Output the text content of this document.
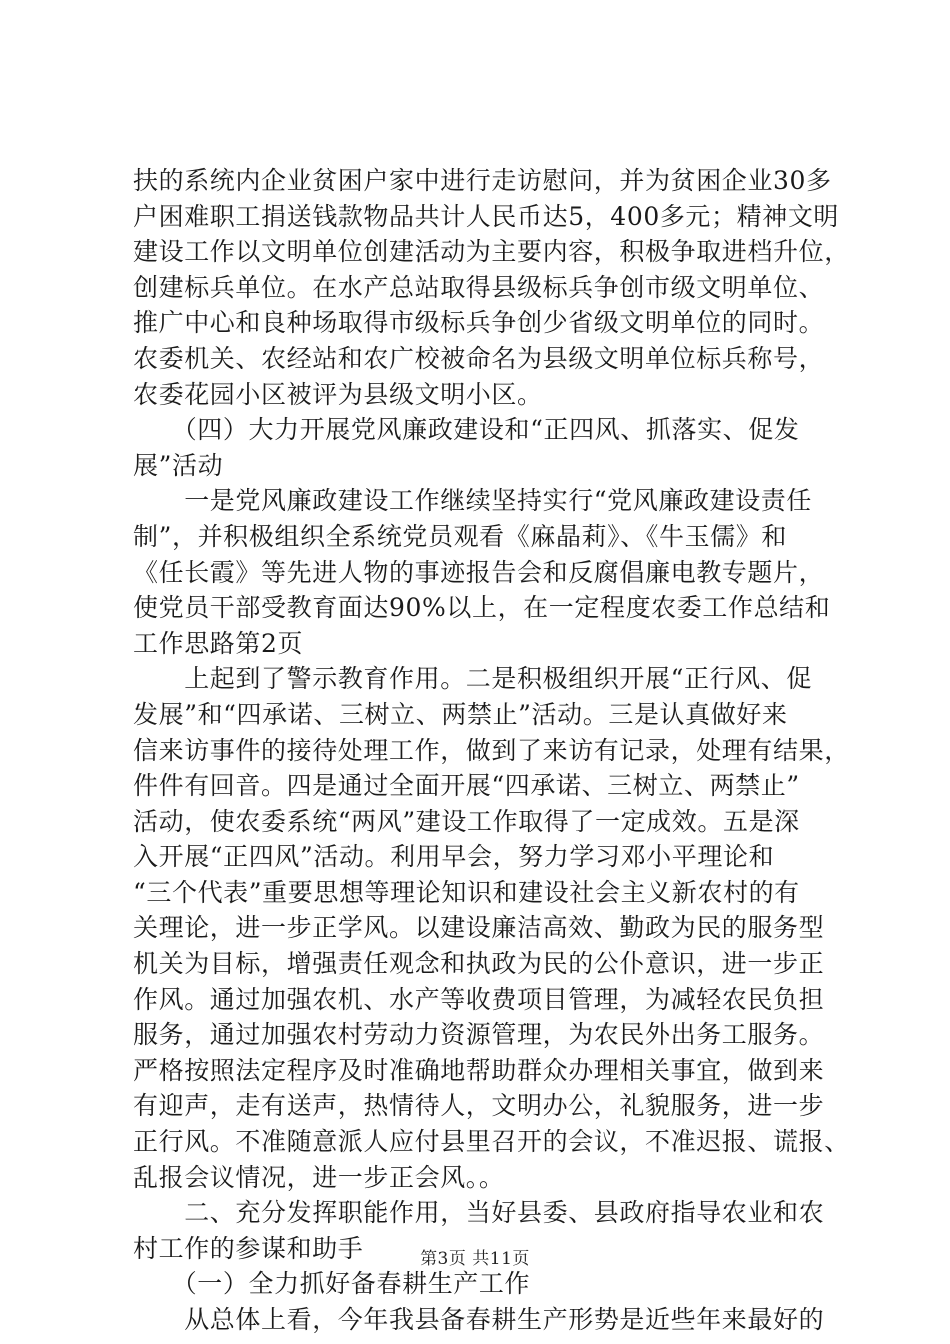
扶的系统内企业贫困户家中进行走访慰问，并为贫困企业30多
户困难职工捐送钱款物品共计人民币达5，400多元；精神文明
建设工作以文明单位创建活动为主要内容，积极争取进档升位，
创建标兵单位。在水产总站取得县级标兵争创市级文明单位、
推广中心和良种场取得市级标兵争创少省级文明单位的同时。
农委机关、农经站和农广校被命名为县级文明单位标兵称号，
农委花园小区被评为县级文明小区。
　　（四）大力开展党风廉政建设和“正四风、抓落实、促发
展”活动
　　一是党风廉政建设工作继续坚持实行“党风廉政建设责任
制”，并积极组织全系统党员观看《麻晶莉》、《牛玉儒》和
《任长霞》等先进人物的事迹报告会和反腐倡廉电教专题片，
使党员干部受教育面达90%以上，在一定程度农委工作总结和
工作思路第2页
　　上起到了警示教育作用。二是积极组织开展“正行风、促
发展”和“四承诺、三树立、两禁止”活动。三是认真做好来
信来访事件的接待处理工作，做到了来访有记录，处理有结果，
件件有回音。四是通过全面开展“四承诺、三树立、两禁止”
活动，使农委系统“两风”建设工作取得了一定成效。五是深
入开展“正四风”活动。利用早会，努力学习邓小平理论和
“三个代表”重要思想等理论知识和建设社会主义新农村的有
关理论，进一步正学风。以建设廉洁高效、勤政为民的服务型
机关为目标，增强责任观念和执政为民的公仆意识，进一步正
作风。通过加强农机、水产等收费项目管理，为减轻农民负担
服务，通过加强农村劳动力资源管理，为农民外出务工服务。
严格按照法定程序及时准确地帮助群众办理相关事宜，做到来
有迎声，走有送声，热情待人，文明办公，礼貌服务，进一步
正行风。不准随意派人应付县里召开的会议，不准迟报、谎报、
乱报会议情况，进一步正会风。。
　　二、充分发挥职能作用，当好县委、县政府指导农业和农
村工作的参谋和助手
　　（一）全力抓好备春耕生产工作
　　从总体上看，今年我县备春耕生产形势是近些年来最好的
第3页 共11页
